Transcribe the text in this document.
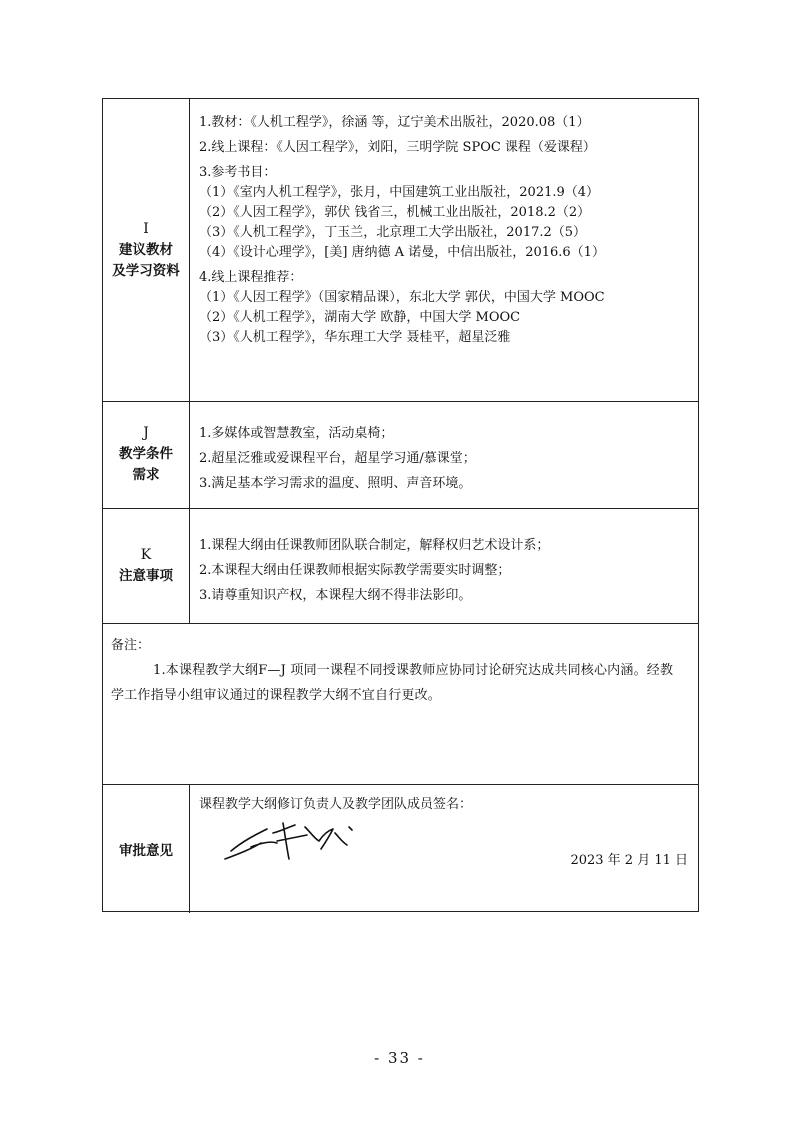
I
建议教材
及学习资料
1.教材：《人机工程学》，徐涵 等，辽宁美术出版社，2020.08（1）
2.线上课程：《人因工程学》，刘阳，三明学院 SPOC 课程（爱课程）
3.参考书目：
（1）《室内人机工程学》，张月，中国建筑工业出版社，2021.9（4）
（2）《人因工程学》，郭伏 钱省三，机械工业出版社，2018.2（2）
（3）《人机工程学》，丁玉兰，北京理工大学出版社，2017.2（5）
（4）《设计心理学》，[美] 唐纳德 A 诺曼，中信出版社，2016.6（1）
4.线上课程推荐：
（1）《人因工程学》（国家精品课），东北大学 郭伏，中国大学 MOOC
（2）《人机工程学》，湖南大学 欧静，中国大学 MOOC
（3）《人机工程学》，华东理工大学 聂桂平，超星泛雅
J
教学条件
需求
1.多媒体或智慧教室，活动桌椅；
2.超星泛雅或爱课程平台，超星学习通/慕课堂；
3.满足基本学习需求的温度、照明、声音环境。
K
注意事项
1.课程大纲由任课教师团队联合制定，解释权归艺术设计系；
2.本课程大纲由任课教师根据实际教学需要实时调整；
3.请尊重知识产权，本课程大纲不得非法影印。
备注：
1.本课程教学大纲F—J 项同一课程不同授课教师应协同讨论研究达成共同核心内涵。经教学工作指导小组审议通过的课程教学大纲不宜自行更改。
审批意见
课程教学大纲修订负责人及教学团队成员签名：
2023 年 2 月 11 日
- 33 -
